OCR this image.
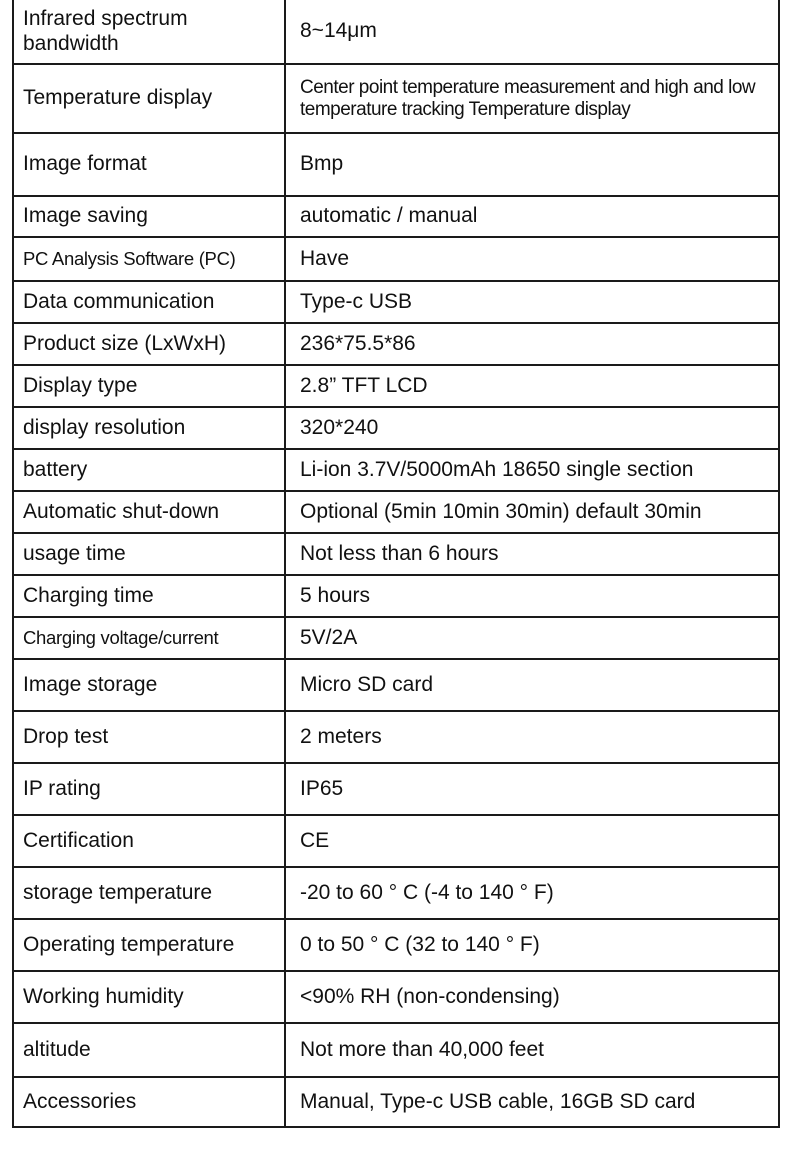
Infrared spectrum bandwidth	8~14μm
Temperature display	Center point temperature measurement and high and low temperature tracking Temperature display
Image format	Bmp
Image saving	automatic / manual
PC Analysis Software (PC)	Have
Data communication	Type-c USB
Product size (LxWxH)	236*75.5*86
Display type	2.8” TFT LCD
display resolution	320*240
battery	Li-ion 3.7V/5000mAh 18650 single section
Automatic shut-down	Optional (5min 10min 30min) default 30min
usage time	Not less than 6 hours
Charging time	5 hours
Charging voltage/current	5V/2A
Image storage	Micro SD card
Drop test	2 meters
IP rating	IP65
Certification	CE
storage temperature	-20 to 60 ° C (-4 to 140 ° F)
Operating temperature	0 to 50 ° C (32 to 140 ° F)
Working humidity	<90% RH (non-condensing)
altitude	Not more than 40,000 feet
Accessories	Manual, Type-c USB cable, 16GB SD card
